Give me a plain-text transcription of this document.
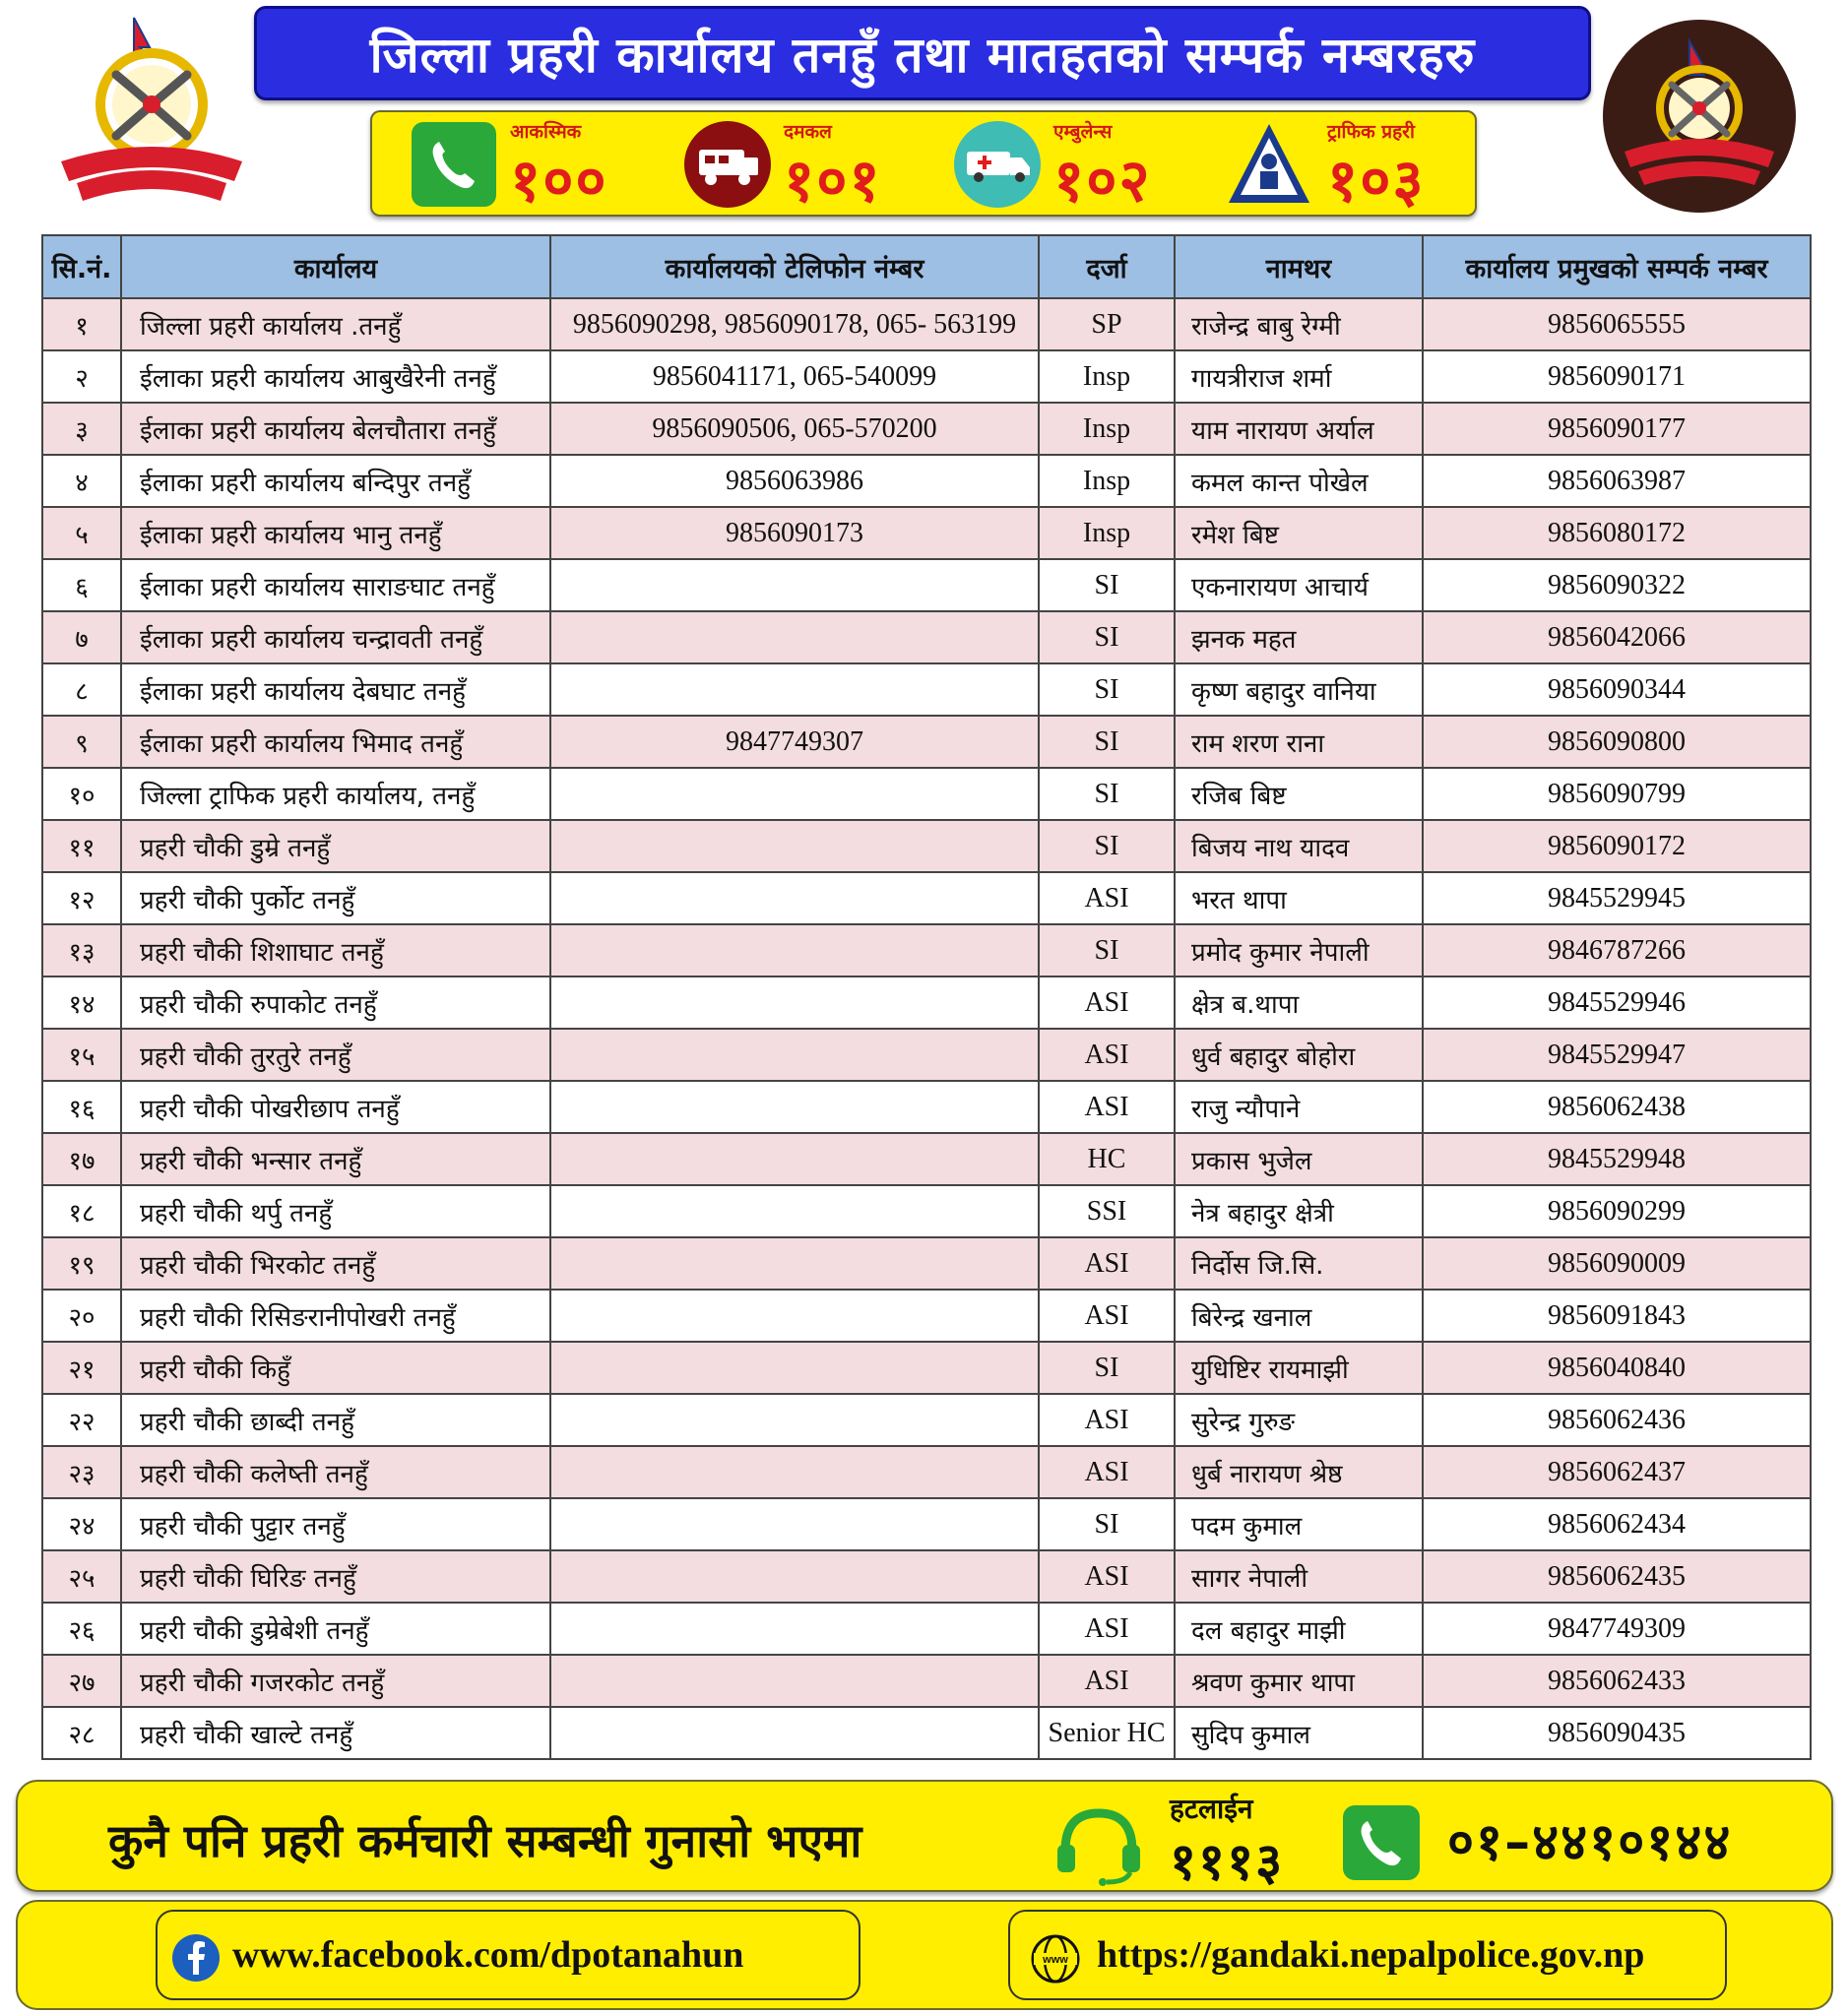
जिल्ला प्रहरी कार्यालय तनहुँ तथा मातहतको सम्पर्क नम्बरहरु
आकस्मिक
१००
दमकल
१०१
एम्बुलेन्स
१०२
ट्राफिक प्रहरी
१०३
सि.नं.	कार्यालय	कार्यालयको टेलिफोन नंम्बर	दर्जा	नामथर	कार्यालय प्रमुखको सम्पर्क नम्बर
१	जिल्ला प्रहरी कार्यालय .तनहुँ	9856090298, 9856090178, 065- 563199	SP	राजेन्द्र बाबु रेग्मी	9856065555
२	ईलाका प्रहरी कार्यालय आबुखैरेनी तनहुँ	9856041171, 065-540099	Insp	गायत्रीराज शर्मा	9856090171
३	ईलाका प्रहरी कार्यालय बेलचौतारा तनहुँ	9856090506, 065-570200	Insp	याम नारायण अर्याल	9856090177
४	ईलाका प्रहरी कार्यालय बन्दिपुर तनहुँ	9856063986	Insp	कमल कान्त पोखेल	9856063987
५	ईलाका प्रहरी कार्यालय भानु तनहुँ	9856090173	Insp	रमेश बिष्ट	9856080172
६	ईलाका प्रहरी कार्यालय साराङघाट तनहुँ		SI	एकनारायण आचार्य	9856090322
७	ईलाका प्रहरी कार्यालय चन्द्रावती तनहुँ		SI	झनक महत	9856042066
८	ईलाका प्रहरी कार्यालय देबघाट तनहुँ		SI	कृष्ण बहादुर वानिया	9856090344
९	ईलाका प्रहरी कार्यालय भिमाद तनहुँ	9847749307	SI	राम शरण राना	9856090800
१०	जिल्ला ट्राफिक प्रहरी कार्यालय, तनहुँ		SI	रजिब बिष्ट	9856090799
११	प्रहरी चौकी डुम्रे तनहुँ		SI	बिजय नाथ यादव	9856090172
१२	प्रहरी चौकी पुर्कोट तनहुँ		ASI	भरत थापा	9845529945
१३	प्रहरी चौकी शिशाघाट तनहुँ		SI	प्रमोद कुमार नेपाली	9846787266
१४	प्रहरी चौकी रुपाकोट तनहुँ		ASI	क्षेत्र ब.थापा	9845529946
१५	प्रहरी चौकी तुरतुरे तनहुँ		ASI	धुर्व बहादुर बोहोरा	9845529947
१६	प्रहरी चौकी पोखरीछाप तनहुँ		ASI	राजु न्यौपाने	9856062438
१७	प्रहरी चौकी भन्सार तनहुँ		HC	प्रकास भुजेल	9845529948
१८	प्रहरी चौकी थर्पु तनहुँ		SSI	नेत्र बहादुर क्षेत्री	9856090299
१९	प्रहरी चौकी भिरकोट तनहुँ		ASI	निर्दोस जि.सि.	9856090009
२०	प्रहरी चौकी रिसिङरानीपोखरी तनहुँ		ASI	बिरेन्द्र खनाल	9856091843
२१	प्रहरी चौकी किहुँ		SI	युधिष्टिर रायमाझी	9856040840
२२	प्रहरी चौकी छाब्दी तनहुँ		ASI	सुरेन्द्र गुरुङ	9856062436
२३	प्रहरी चौकी कलेष्ती तनहुँ		ASI	धुर्ब नारायण श्रेष्ठ	9856062437
२४	प्रहरी चौकी पुट्टार तनहुँ		SI	पदम कुमाल	9856062434
२५	प्रहरी चौकी घिरिङ तनहुँ		ASI	सागर नेपाली	9856062435
२६	प्रहरी चौकी डुम्रेबेशी तनहुँ		ASI	दल बहादुर माझी	9847749309
२७	प्रहरी चौकी गजरकोट तनहुँ		ASI	श्रवण कुमार थापा	9856062433
२८	प्रहरी चौकी खाल्टे तनहुँ		Senior HC	सुदिप कुमाल	9856090435
कुनै पनि प्रहरी कर्मचारी सम्बन्धी गुनासो भएमा
हटलाईन
१११३	०१–४४१०१४४
www.facebook.com/dpotanahun	www https://gandaki.nepalpolice.gov.np
